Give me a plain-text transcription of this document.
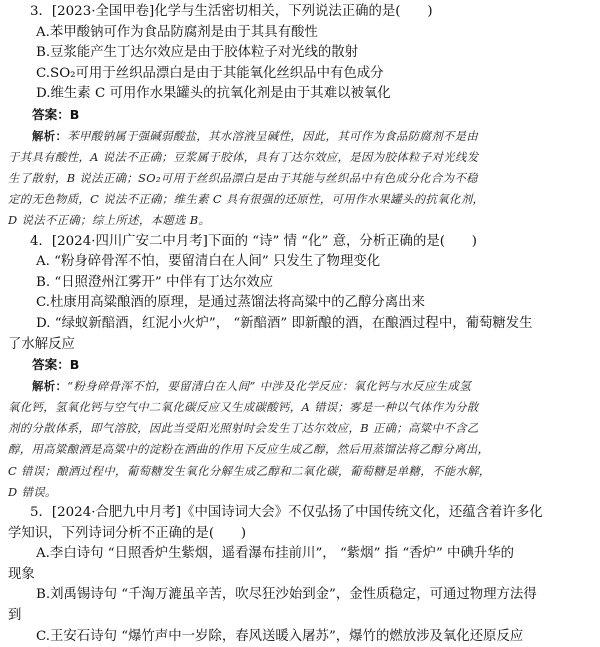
3．[2023·全国甲卷]化学与生活密切相关，下列说法正确的是(　　)
A.苯甲酸钠可作为食品防腐剂是由于其具有酸性
B.豆浆能产生丁达尔效应是由于胶体粒子对光线的散射
C.SO₂可用于丝织品漂白是由于其能氧化丝织品中有色成分
D.维生素 C 可用作水果罐头的抗氧化剂是由于其难以被氧化
答案：B
解析：苯甲酸钠属于强碱弱酸盐，其水溶液呈碱性，因此，其可作为食品防腐剂不是由
于其具有酸性，A 说法不正确；豆浆属于胶体，具有丁达尔效应，是因为胶体粒子对光线发
生了散射，B 说法正确；SO₂可用于丝织品漂白是由于其能与丝织品中有色成分化合为不稳
定的无色物质，C 说法不正确；维生素 C 具有很强的还原性，可用作水果罐头的抗氧化剂，
D 说法不正确；综上所述，本题选 B。
4．[2024·四川广安二中月考]下面的 “诗” 情 “化” 意，分析正确的是(　　)
A. “粉身碎骨浑不怕，要留清白在人间” 只发生了物理变化
B. “日照澄州江雾开” 中伴有丁达尔效应
C.杜康用高粱酿酒的原理，是通过蒸馏法将高粱中的乙醇分离出来
D. “绿蚁新醅酒，红泥小火炉”， “新醅酒” 即新酿的酒，在酿酒过程中，葡萄糖发生
了水解反应
答案：B
解析：“粉身碎骨浑不怕，要留清白在人间” 中涉及化学反应：氧化钙与水反应生成氢
氧化钙，氢氧化钙与空气中二氧化碳反应又生成碳酸钙，A 错误；雾是一种以气体作为分散
剂的分散体系，即气溶胶，因此当受阳光照射时会发生丁达尔效应，B 正确；高粱中不含乙
醇，用高粱酿酒是高粱中的淀粉在酒曲的作用下反应生成乙醇，然后用蒸馏法将乙醇分离出，
C 错误；酿酒过程中，葡萄糖发生氧化分解生成乙醇和二氧化碳，葡萄糖是单糖，不能水解，
D 错误。
5．[2024·合肥九中月考]《中国诗词大会》不仅弘扬了中国传统文化，还蕴含着许多化
学知识，下列诗词分析不正确的是(　　)
A.李白诗句 “日照香炉生紫烟，遥看瀑布挂前川”， “紫烟” 指 “香炉” 中碘升华的
现象
B.刘禹锡诗句 “千淘万漉虽辛苦，吹尽狂沙始到金”，金性质稳定，可通过物理方法得
到
C.王安石诗句 “爆竹声中一岁除，春风送暖入屠苏”，爆竹的燃放涉及氧化还原反应
